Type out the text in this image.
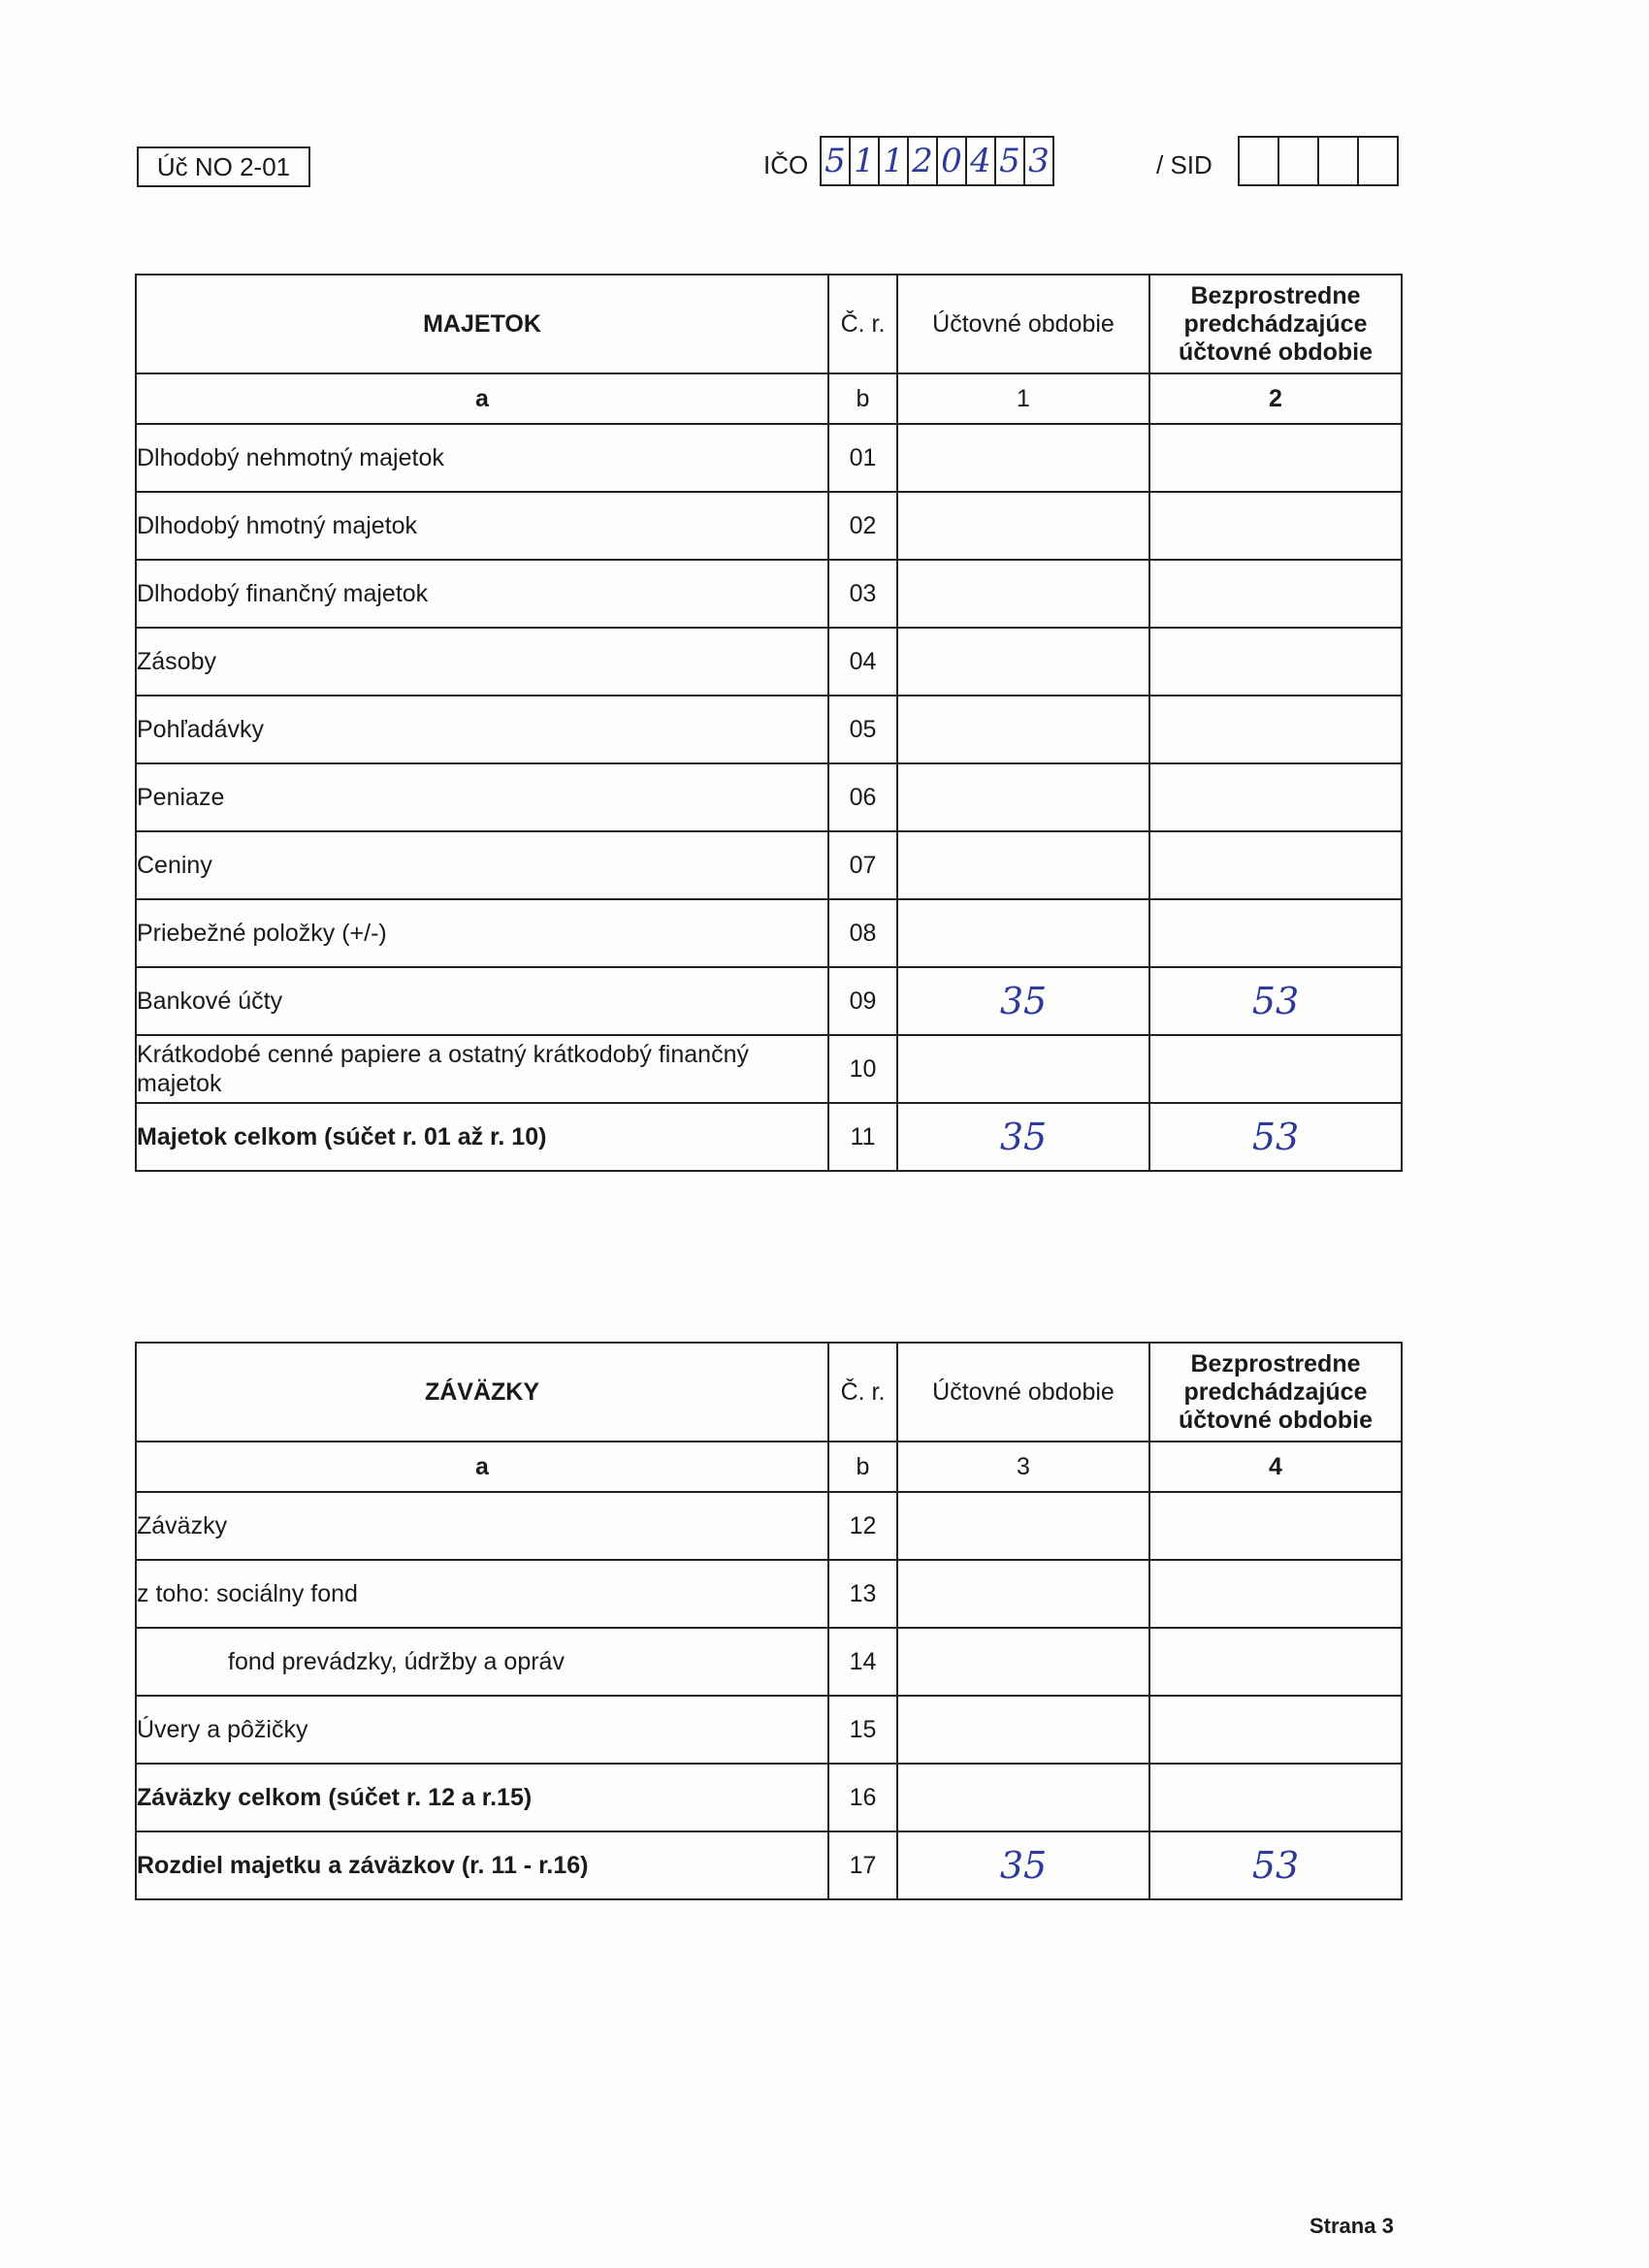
Úč NO 2-01	IČO 5 1 1 2 0 4 5 3	/ SID
MAJETOK	Č. r.	Účtovné obdobie	Bezprostredne predchádzajúce účtovné obdobie
a	b	1	2
Dlhodobý nehmotný majetok	01		
Dlhodobý hmotný majetok	02		
Dlhodobý finančný majetok	03		
Zásoby	04		
Pohľadávky	05		
Peniaze	06		
Ceniny	07		
Priebežné položky (+/-)	08		
Bankové účty	09	35	53
Krátkodobé cenné papiere a ostatný krátkodobý finančný majetok	10		
Majetok celkom (súčet r. 01 až r. 10)	11	35	53
ZÁVÄZKY	Č. r.	Účtovné obdobie	Bezprostredne predchádzajúce účtovné obdobie
a	b	3	4
Záväzky	12		
z toho: sociálny fond	13		
fond prevádzky, údržby a opráv	14		
Úvery a pôžičky	15		
Záväzky celkom (súčet r. 12 a r.15)	16		
Rozdiel majetku a záväzkov (r. 11 - r.16)	17	35	53
Strana 3
